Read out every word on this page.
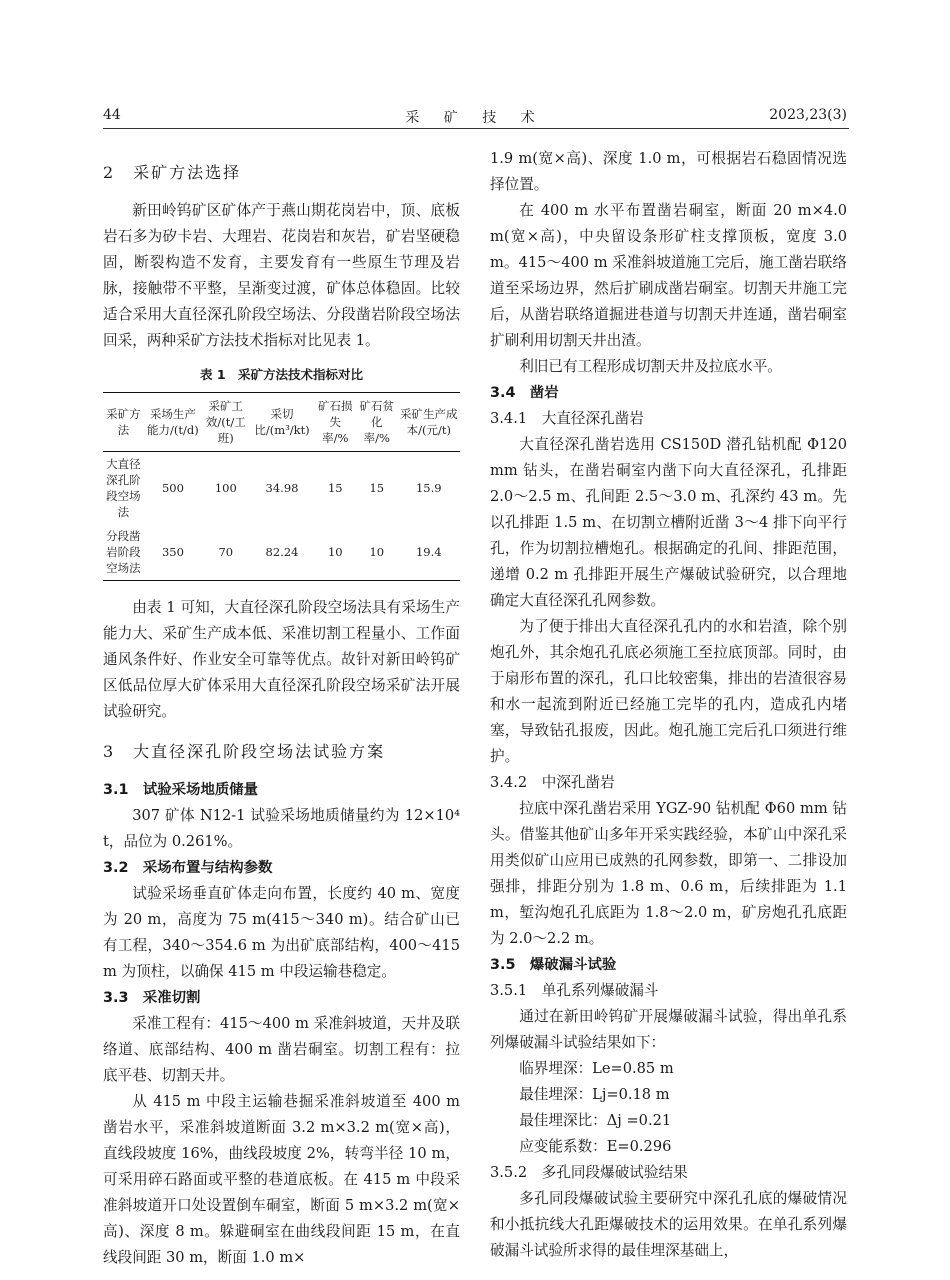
44	采 矿 技 术	2023,23(3)

2　采矿方法选择

新田岭钨矿区矿体产于燕山期花岗岩中，顶、底板岩石多为矽卡岩、大理岩、花岗岩和灰岩，矿岩坚硬稳固，断裂构造不发育，主要发育有一些原生节理及岩脉，接触带不平整，呈渐变过渡，矿体总体稳固。比较适合采用大直径深孔阶段空场法、分段凿岩阶段空场法回采，两种采矿方法技术指标对比见表 1。

表 1　采矿方法技术指标对比

采矿方法	采场生产能力/(t/d)	采矿工效/(t/工班)	采切比/(m³/kt)	矿石损失率/%	矿石贫化率/%	采矿生产成本/(元/t)
大直径深孔阶段空场法	500	100	34.98	15	15	15.9
分段凿岩阶段空场法	350	70	82.24	10	10	19.4

由表 1 可知，大直径深孔阶段空场法具有采场生产能力大、采矿生产成本低、采准切割工程量小、工作面通风条件好、作业安全可靠等优点。故针对新田岭钨矿区低品位厚大矿体采用大直径深孔阶段空场采矿法开展试验研究。

3　大直径深孔阶段空场法试验方案

3.1　试验采场地质储量

307 矿体 N12-1 试验采场地质储量约为 12×10⁴ t，品位为 0.261%。

3.2　采场布置与结构参数

试验采场垂直矿体走向布置，长度约 40 m、宽度为 20 m，高度为 75 m(415～340 m)。结合矿山已有工程，340～354.6 m 为出矿底部结构，400～415 m 为顶柱，以确保 415 m 中段运输巷稳定。

3.3　采准切割

采准工程有：415～400 m 采准斜坡道，天井及联络道、底部结构、400 m 凿岩硐室。切割工程有：拉底平巷、切割天井。

从 415 m 中段主运输巷掘采准斜坡道至 400 m 凿岩水平，采准斜坡道断面 3.2 m×3.2 m(宽×高)，直线段坡度 16%，曲线段坡度 2%，转弯半径 10 m，可采用碎石路面或平整的巷道底板。在 415 m 中段采准斜坡道开口处设置倒车硐室，断面 5 m×3.2 m(宽×高)、深度 8 m。躲避硐室在曲线段间距 15 m，在直线段间距 30 m，断面 1.0 m×

1.9 m(宽×高)、深度 1.0 m，可根据岩石稳固情况选择位置。

在 400 m 水平布置凿岩硐室，断面 20 m×4.0 m(宽×高)，中央留设条形矿柱支撑顶板，宽度 3.0 m。415～400 m 采准斜坡道施工完后，施工凿岩联络道至采场边界，然后扩刷成凿岩硐室。切割天井施工完后，从凿岩联络道掘进巷道与切割天井连通，凿岩硐室扩刷利用切割天井出渣。

利旧已有工程形成切割天井及拉底水平。

3.4　凿岩

3.4.1　大直径深孔凿岩

大直径深孔凿岩选用 CS150D 潜孔钻机配 Φ120 mm 钻头，在凿岩硐室内凿下向大直径深孔，孔排距 2.0～2.5 m、孔间距 2.5～3.0 m、孔深约 43 m。先以孔排距 1.5 m、在切割立槽附近凿 3～4 排下向平行孔，作为切割拉槽炮孔。根据确定的孔间、排距范围，递增 0.2 m 孔排距开展生产爆破试验研究，以合理地确定大直径深孔孔网参数。

为了便于排出大直径深孔孔内的水和岩渣，除个别炮孔外，其余炮孔孔底必须施工至拉底顶部。同时，由于扇形布置的深孔，孔口比较密集，排出的岩渣很容易和水一起流到附近已经施工完毕的孔内，造成孔内堵塞，导致钻孔报废，因此。炮孔施工完后孔口须进行维护。

3.4.2　中深孔凿岩

拉底中深孔凿岩采用 YGZ-90 钻机配 Φ60 mm 钻头。借鉴其他矿山多年开采实践经验，本矿山中深孔采用类似矿山应用已成熟的孔网参数，即第一、二排设加强排，排距分别为 1.8 m、0.6 m，后续排距为 1.1 m，堑沟炮孔孔底距为 1.8～2.0 m，矿房炮孔孔底距为 2.0～2.2 m。

3.5　爆破漏斗试验

3.5.1　单孔系列爆破漏斗

通过在新田岭钨矿开展爆破漏斗试验，得出单孔系列爆破漏斗试验结果如下：

临界埋深：Le=0.85 m

最佳埋深：Lj=0.18 m

最佳埋深比：Δj =0.21

应变能系数：E=0.296

3.5.2　多孔同段爆破试验结果

多孔同段爆破试验主要研究中深孔孔底的爆破情况和小抵抗线大孔距爆破技术的运用效果。在单孔系列爆破漏斗试验所求得的最佳埋深基础上，
